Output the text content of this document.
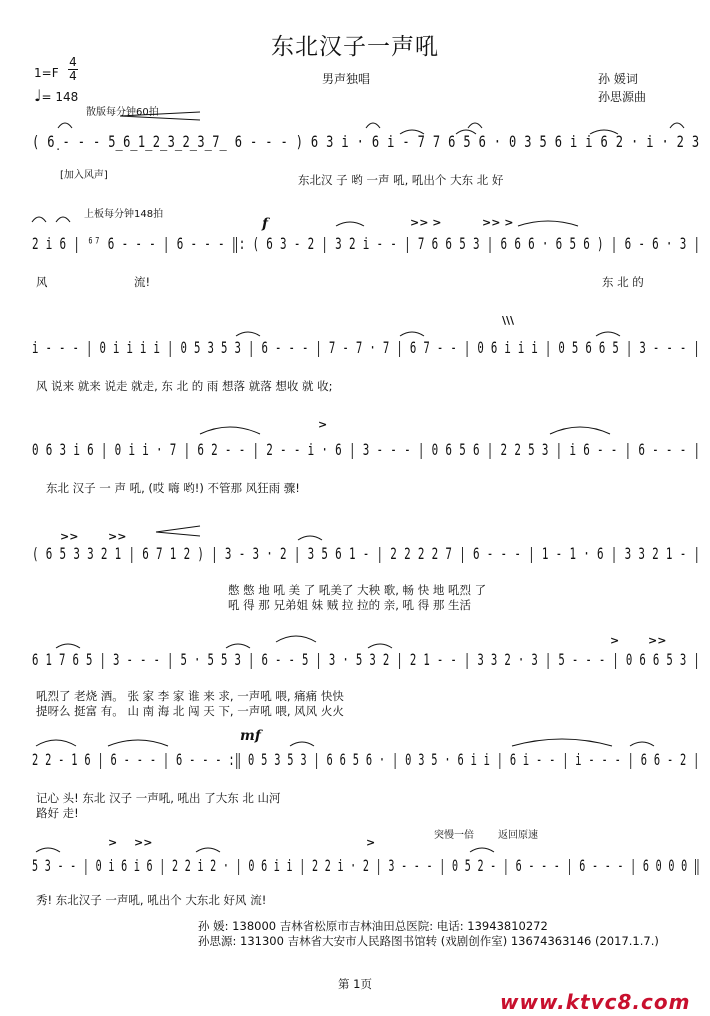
东北汉子一声吼
1=F
4
4
♩= 148
男声独唱	孙 媛词
孙思源曲
散版每分钟60拍
[加入风声]
上板每分钟148拍
突慢一倍 返回原速
f
mf
>> >	>> >
>>	>>
>
>	>>
> >>	>
\\\
( 6̣ - - - 5̲6̲1̲2̲3̲2̲3̲7̲ 6 - - - ) 6 3 i · 6 i - 7 7 6 5 6 · 0 3 5 6 i i 6 2 · i · 2 3
东北汉 子 哟 一声 吼, 吼出个 大东 北 好
2 i 6 | ⁶⁷ 6 - - - | 6 - - - ‖: ( 6 3 - 2 | 3 2 i - - | 7 6 6 5 3 | 6 6 6 · 6 5 6 ) | 6 - 6 · 3 |
风	流!	东 北 的
i - - - | 0 i i i i | 0 5 3 5 3 | 6 - - - | 7 - 7 · 7 | 6 7 - - | 0 6 i i i | 0 5 6 6 5 | 3 - - - |
风 说来 就来 说走 就走, 东 北 的 雨 想落 就落 想收 就 收;
0 6 3 i 6 | 0 i i · 7 | 6 2 - - | 2 - - i · 6 | 3 - - - | 0 6 5 6 | 2 2 5 3 | i 6 - - | 6 - - - |
东北 汉子 一 声 吼, (哎 嗨 哟!) 不管那 风狂雨 骤!
( 6 5 3 3 2 1 | 6 7 1 2 ) | 3 - 3 · 2 | 3 5 6 1 - | 2 2 2 2 7 | 6 - - - | 1 - 1 · 6 | 3 3 2 1 - |
憋 憋 地 吼 美 了 吼美了 大秧 歌, 畅 快 地 吼烈 了
吼 得 那 兄弟姐 妹 贼 拉 拉的 亲, 吼 得 那 生活
6 1 7 6 5 | 3 - - - | 5 · 5 5 3 | 6 - - 5 | 3 · 5 3 2 | 2 1 - - | 3 3 2 · 3 | 5 - - - | 0 6 6 5 3 |
吼烈了 老烧 酒。 张 家 李 家 谁 来 求, 一声吼 喂, 痛痛 快快
提呀么 挺富 有。 山 南 海 北 闯 天 下, 一声吼 喂, 风风 火火
2 2 - 1 6 | 6 - - - | 6 - - - :‖ 0 5 3 5 3 | 6 6 5 6 · | 0 3 5 · 6 i i | 6 i - - | i - - - | 6 6 - 2 |
记心 头! 东北 汉子 一声吼, 吼出 了大东 北 山河
路好 走!
5 3 - - | 0 i 6 i 6 | 2 2 i 2 · | 0 6 i i | 2 2 i · 2 | 3 - - - | 0 5 2 - | 6 - - - | 6 - - - | 6 0 0 0 ‖
秀! 东北汉子 一声吼, 吼出个 大东北 好风 流!
孙 媛: 138000 吉林省松原市吉林油田总医院: 电话: 13943810272
孙思源: 131300 吉林省大安市人民路图书馆转 (戏剧创作室) 13674363146 (2017.1.7.)
第 1页
www.ktvc8.com
